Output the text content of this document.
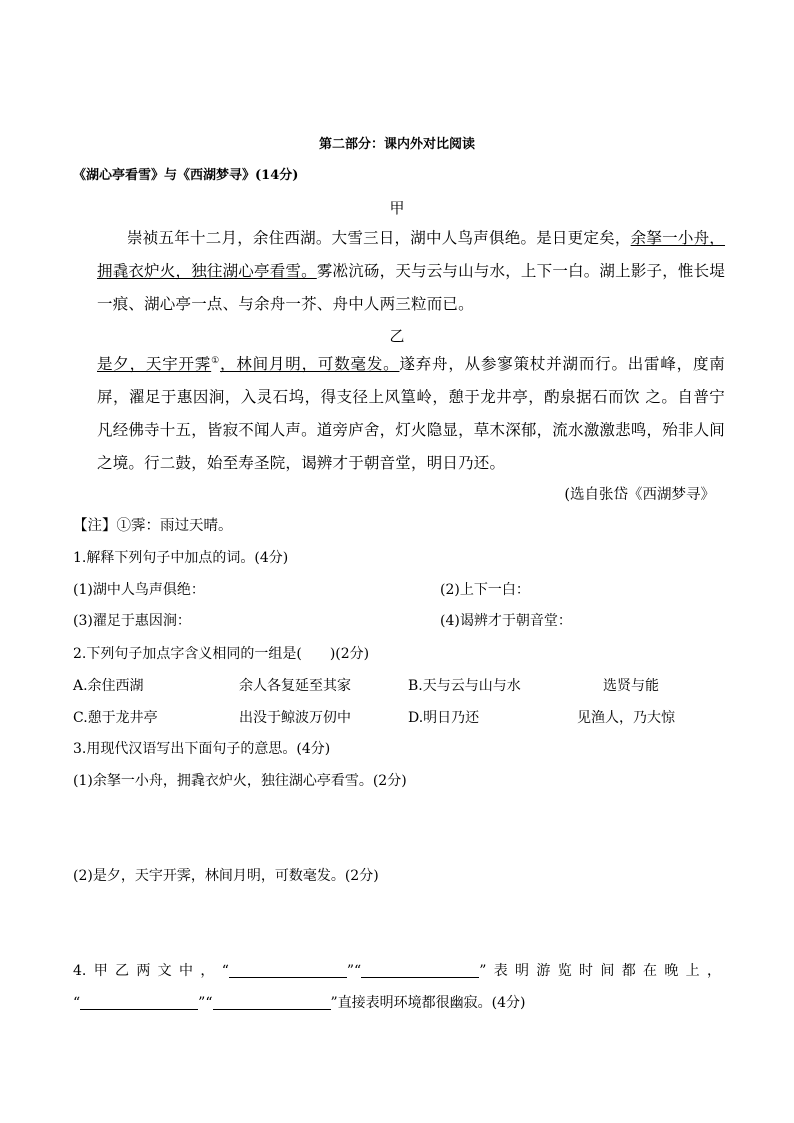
第二部分：课内外对比阅读
《湖心亭看雪》与《西湖梦寻》(14分)
甲
崇祯五年十二月，余住西湖。大雪三日，湖中人鸟声俱绝。是日更定矣，余拏一小舟，拥毳衣炉火，独往湖心亭看雪。雾凇沆砀，天与云与山与水，上下一白。湖上影子，惟长堤一痕、湖心亭一点、与余舟一芥、舟中人两三粒而已。
乙
是夕，天宇开霁①，林间月明，可数毫发。遂弃舟，从参寥策杖并湖而行。出雷峰，度南屏，濯足于惠因涧，入灵石坞，得支径上风篁岭，憩于龙井亭，酌泉据石而饮 之。自普宁凡经佛寺十五，皆寂不闻人声。道旁庐舍，灯火隐显，草木深郁，流水激激悲鸣，殆非人间之境。行二鼓，始至寿圣院，谒辨才于朝音堂，明日乃还。
(选自张岱《西湖梦寻》
【注】①霁：雨过天晴。
1.解释下列句子中加点的词。(4分)
(1)湖中人鸟声俱绝：	(2)上下一白：
(3)濯足于惠因涧：	(4)谒辨才于朝音堂：
2.下列句子加点字含义相同的一组是(　　)(2分)
A.余住西湖	余人各复延至其家	B.天与云与山与水	选贤与能
C.憩于龙井亭	出没于鲸波万仞中	D.明日乃还	见渔人，乃大惊
3.用现代汉语写出下面句子的意思。(4分)
(1)余拏一小舟，拥毳衣炉火，独往湖心亭看雪。(2分)
(2)是夕，天宇开霁，林间月明，可数毫发。(2分)
4.甲乙两文中，“	”“	”表明游览时间都在晚上，
“	”“	”直接表明环境都很幽寂。(4分)
